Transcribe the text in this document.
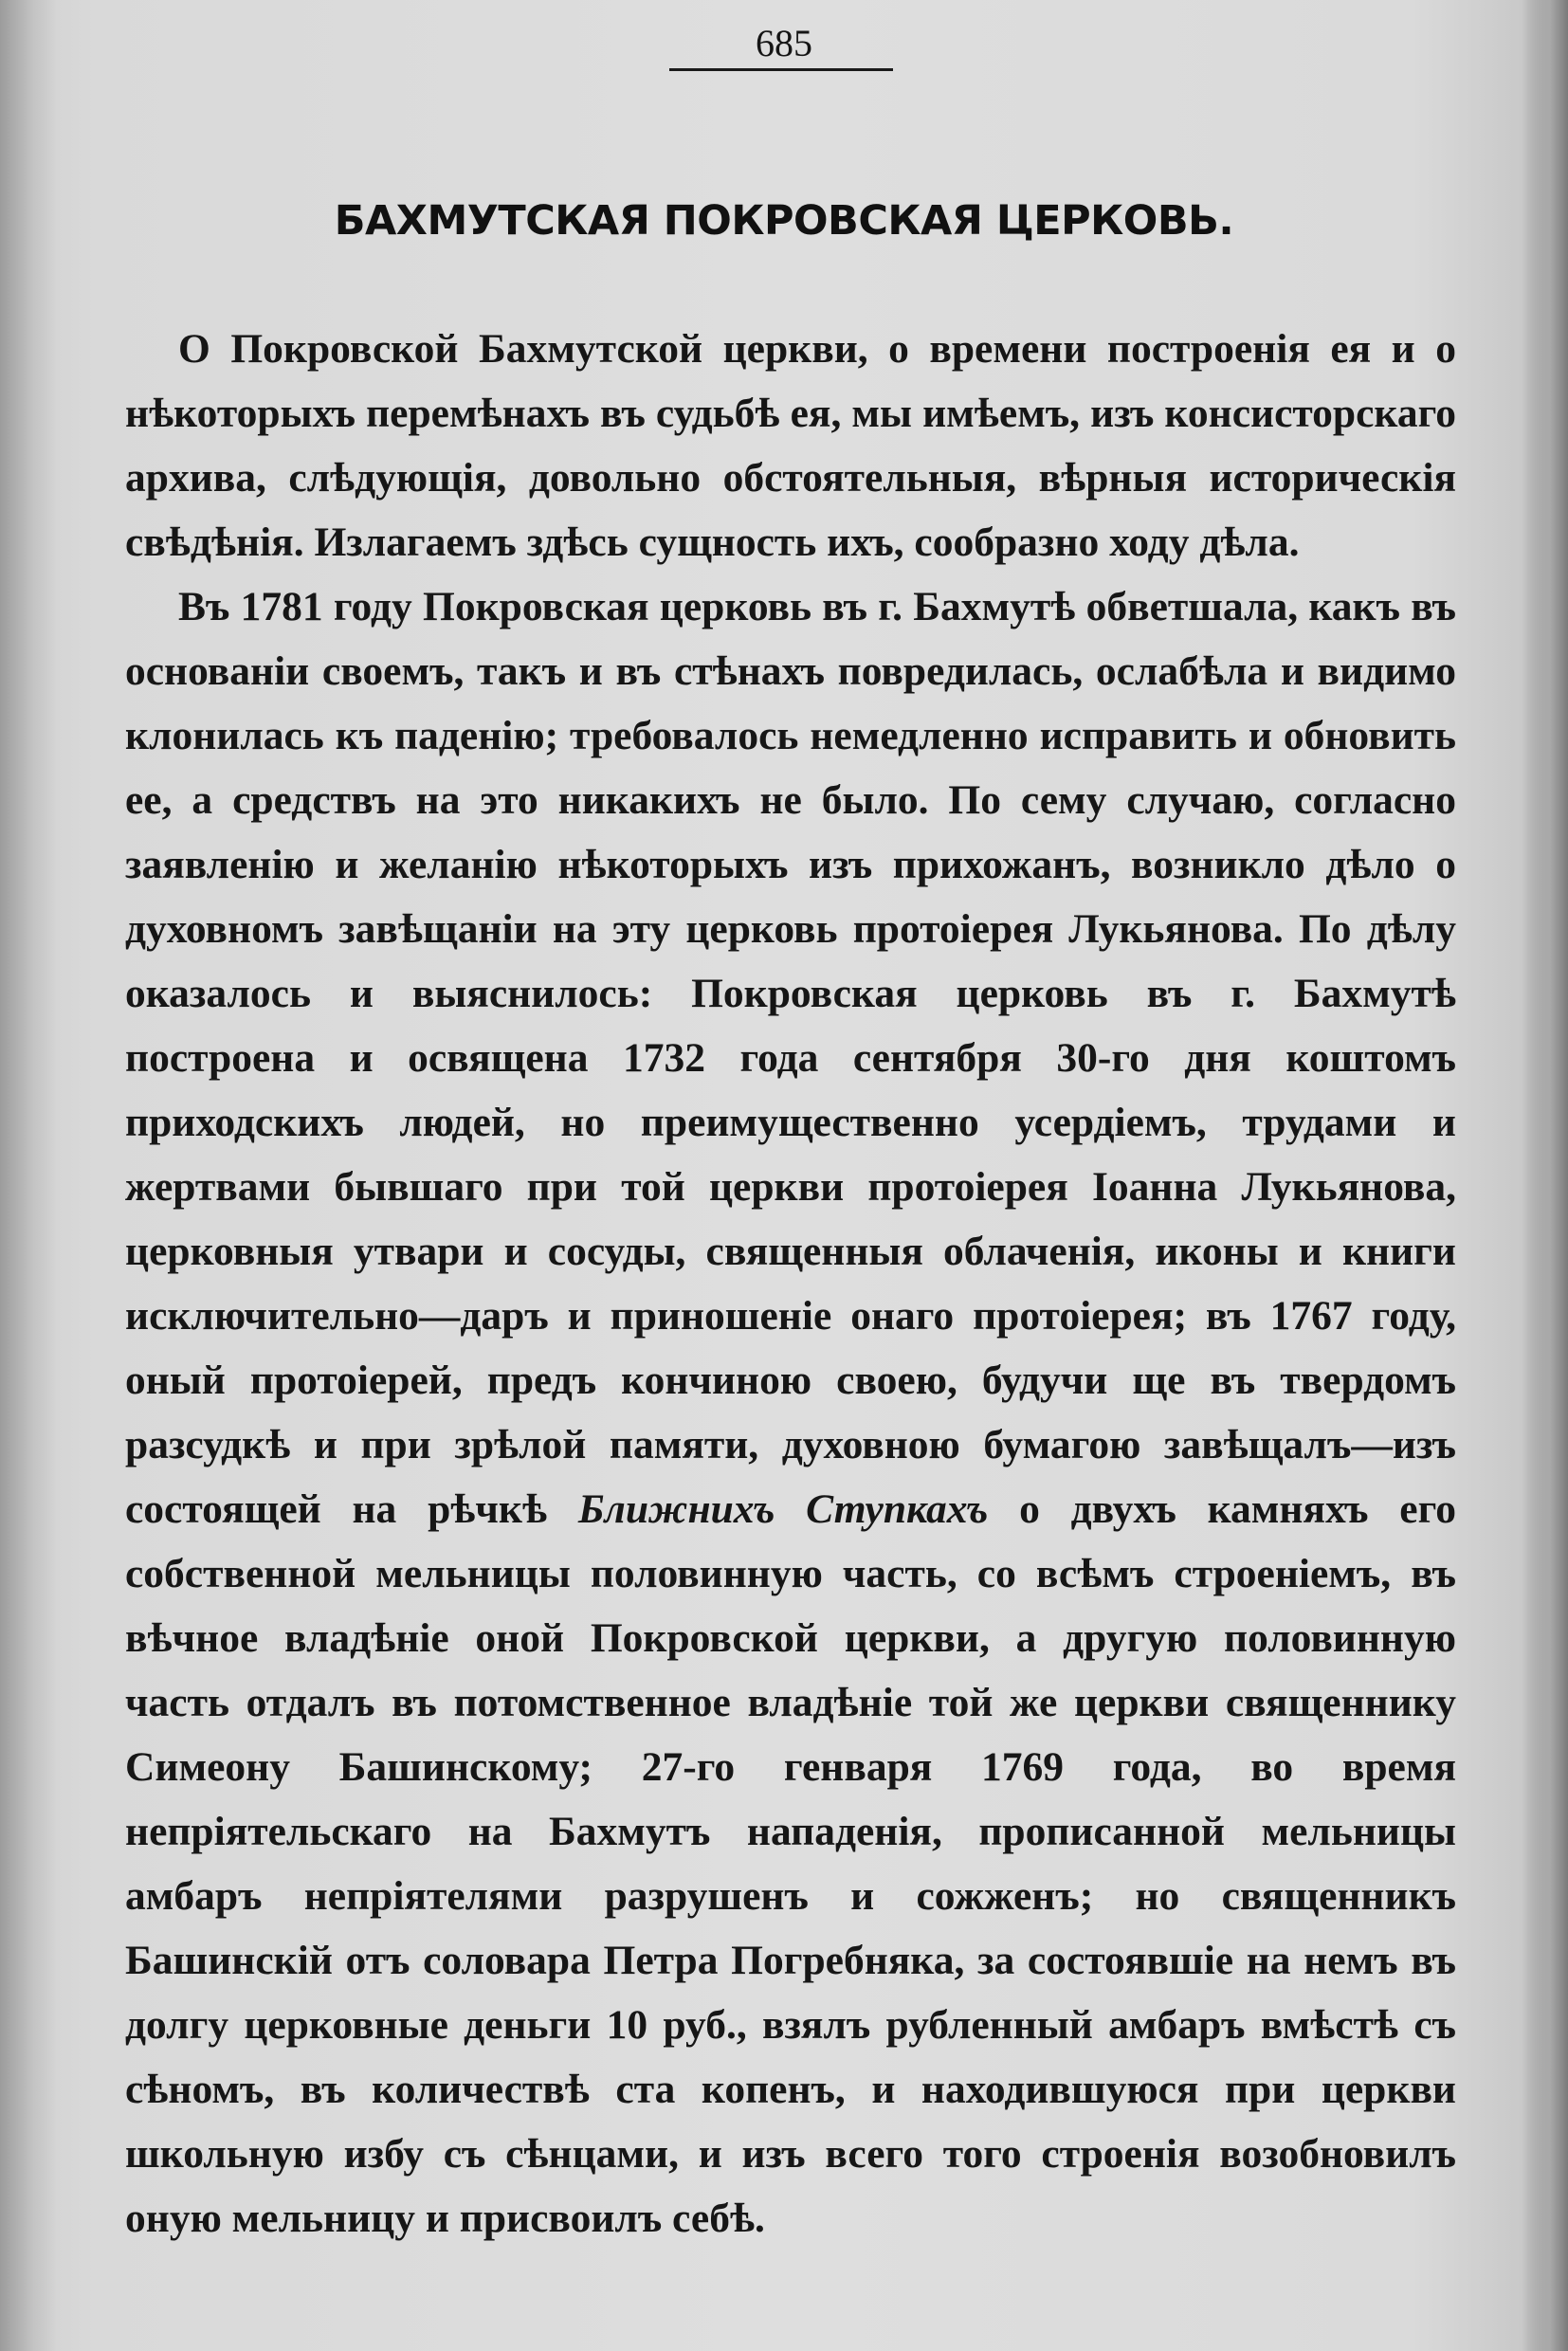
685
БАХМУТСКАЯ ПОКРОВСКАЯ ЦЕРКОВЬ.

О Покровской Бахмутской церкви, о времени построенія ея и о нѣкоторыхъ перемѣнахъ въ судьбѣ ея, мы имѣемъ, изъ консисторскаго архива, слѣдующія, довольно обстоятельныя, вѣрныя историческія свѣдѣнія. Излагаемъ здѣсь сущность ихъ, сообразно ходу дѣла.

Въ 1781 году Покровская церковь въ г. Бахмутѣ обветшала, какъ въ основаніи своемъ, такъ и въ стѣнахъ повредилась, ослабѣла и видимо клонилась къ паденію; требовалось немедленно исправить и обновить ее, а средствъ на это никакихъ не было. По сему случаю, согласно заявленію и желанію нѣкоторыхъ изъ прихожанъ, возникло дѣло о духовномъ завѣщаніи на эту церковь протоіерея Лукьянова. По дѣлу оказалось и выяснилось: Покровская церковь въ г. Бахмутѣ построена и освящена 1732 года сентября 30-го дня коштомъ приходскихъ людей, но преимущественно усердіемъ, трудами и жертвами бывшаго при той церкви протоіерея Іоанна Лукьянова, церковныя утвари и сосуды, священныя облаченія, иконы и книги исключительно—даръ и приношеніе онаго протоіерея; въ 1767 году, оный протоіерей, предъ кончиною своею, будучи ще въ твердомъ разсудкѣ и при зрѣлой памяти, духовною бумагою завѣщалъ—изъ состоящей на рѣчкѣ Ближнихъ Ступкахъ о двухъ камняхъ его собственной мельницы половинную часть, со всѣмъ строеніемъ, въ вѣчное владѣніе оной Покровской церкви, а другую половинную часть отдалъ въ потомственное владѣніе той же церкви священнику Симеону Башинскому; 27-го генваря 1769 года, во время непріятельскаго на Бахмутъ нападенія, прописанной мельницы амбаръ непріятелями разрушенъ и сожженъ; но священникъ Башинскій отъ соловара Петра Погребняка, за состоявшіе на немъ въ долгу церковные деньги 10 руб., взялъ рубленный амбаръ вмѣстѣ съ сѣномъ, въ количествѣ ста копенъ, и находившуюся при церкви школьную избу съ сѣнцами, и изъ всего того строенія возобновилъ оную мельницу и присвоилъ себѣ.
